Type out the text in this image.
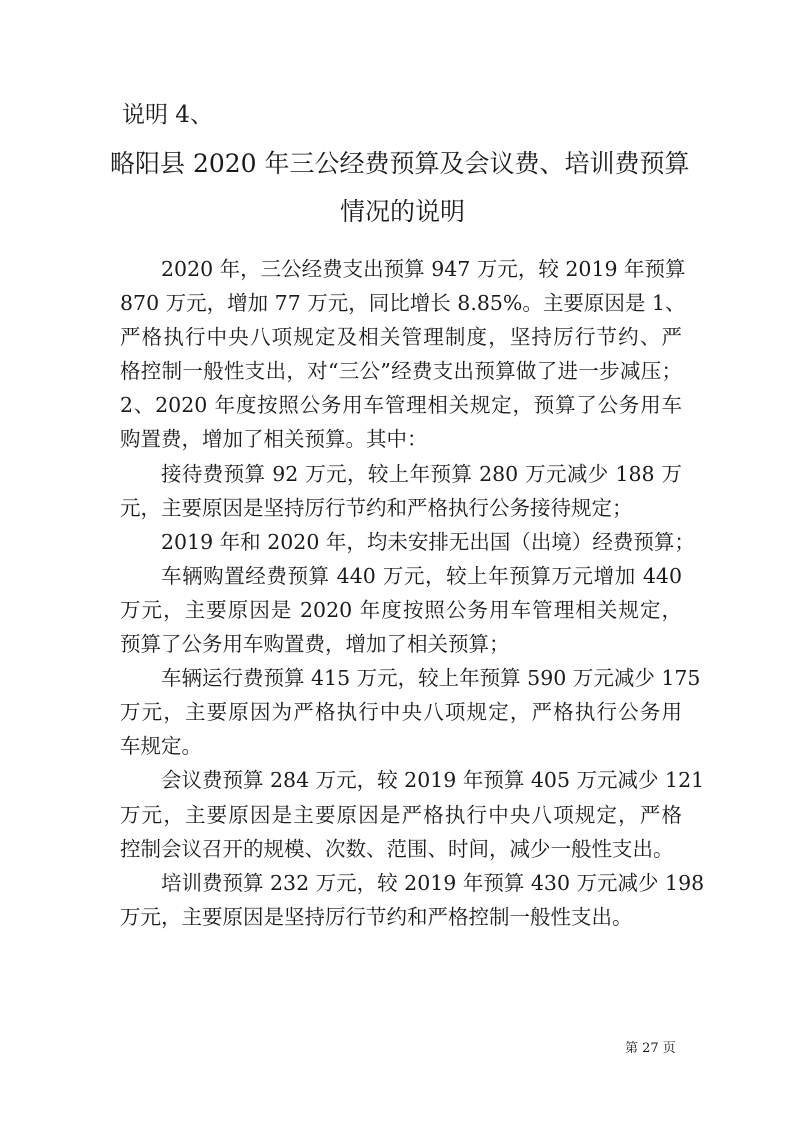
说明 4、
略阳县 2020 年三公经费预算及会议费、培训费预算
情况的说明
2020 年，三公经费支出预算 947 万元，较 2019 年预算
870 万元，增加 77 万元，同比增长 8.85%。主要原因是 1、
严格执行中央八项规定及相关管理制度，坚持厉行节约、严
格控制一般性支出，对“三公”经费支出预算做了进一步减压；
2、2020 年度按照公务用车管理相关规定，预算了公务用车
购置费，增加了相关预算。其中：
接待费预算 92 万元，较上年预算 280 万元减少 188 万
元，主要原因是坚持厉行节约和严格执行公务接待规定；
2019 年和 2020 年，均未安排无出国（出境）经费预算；
车辆购置经费预算 440 万元，较上年预算万元增加 440
万元，主要原因是 2020 年度按照公务用车管理相关规定，
预算了公务用车购置费，增加了相关预算；
车辆运行费预算 415 万元，较上年预算 590 万元减少 175
万元，主要原因为严格执行中央八项规定，严格执行公务用
车规定。
会议费预算 284 万元，较 2019 年预算 405 万元减少 121
万元，主要原因是主要原因是严格执行中央八项规定，严格
控制会议召开的规模、次数、范围、时间，减少一般性支出。
培训费预算 232 万元，较 2019 年预算 430 万元减少 198
万元，主要原因是坚持厉行节约和严格控制一般性支出。
第 27 页
